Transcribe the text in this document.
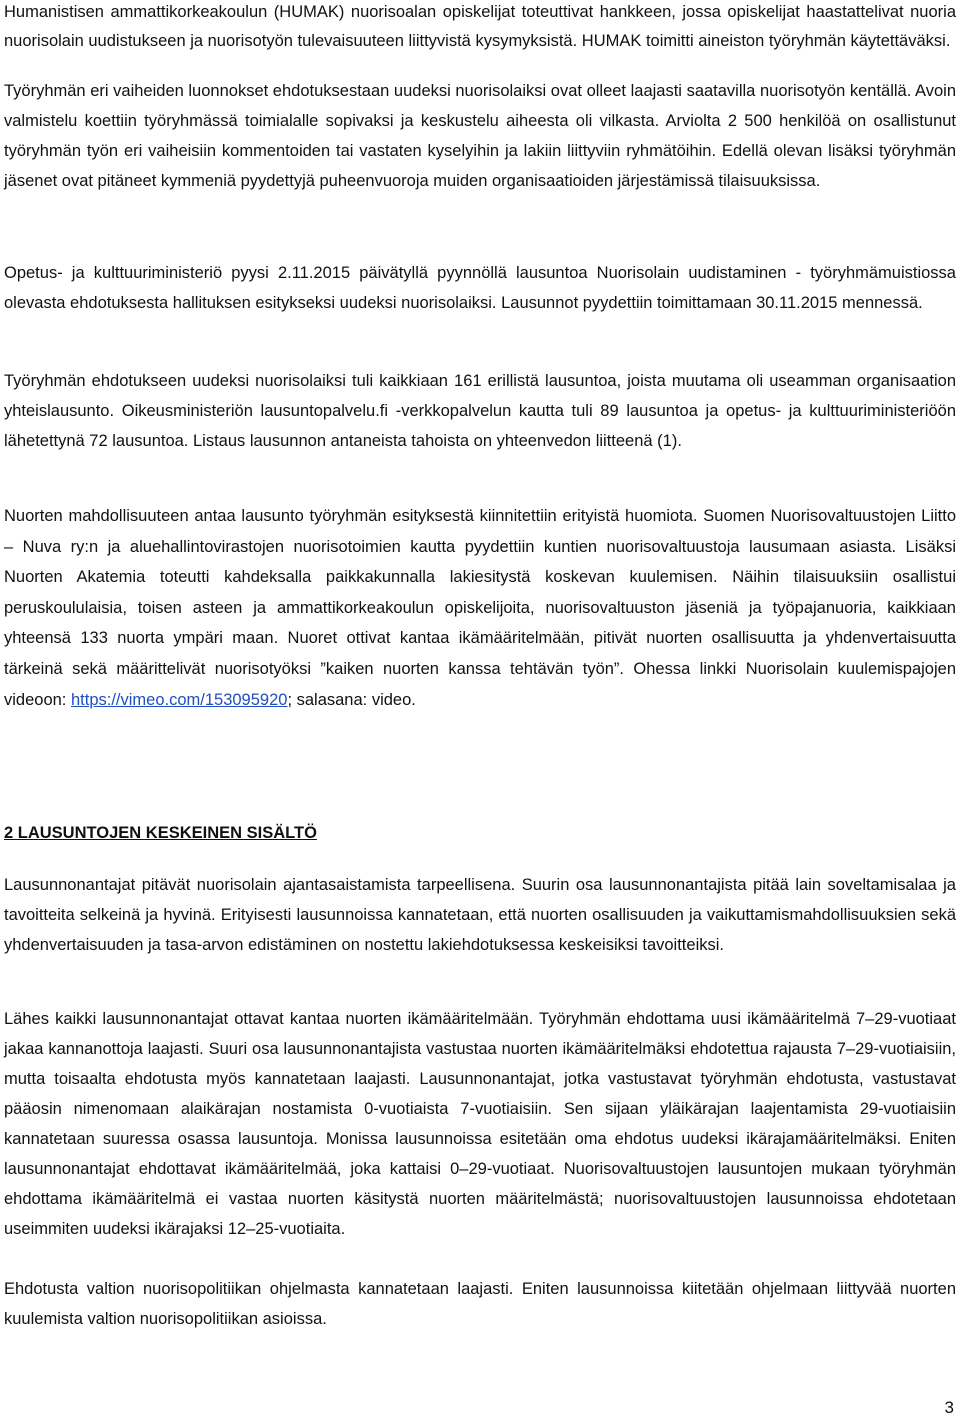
Humanistisen ammattikorkeakoulun (HUMAK) nuorisoalan opiskelijat toteuttivat hankkeen, jossa opiskelijat haastattelivat nuoria nuorisolain uudistukseen ja nuorisotyön tulevaisuuteen liittyvistä kysymyksistä. HUMAK toimitti aineiston työryhmän käytettäväksi.

Työryhmän eri vaiheiden luonnokset ehdotuksestaan uudeksi nuorisolaiksi ovat olleet laajasti saatavilla nuorisotyön kentällä. Avoin valmistelu koettiin työryhmässä toimialalle sopivaksi ja keskustelu aiheesta oli vilkasta. Arviolta 2 500 henkilöä on osallistunut työryhmän työn eri vaiheisiin kommentoiden tai vastaten kyselyihin ja lakiin liittyviin ryhmätöihin. Edellä olevan lisäksi työryhmän jäsenet ovat pitäneet kymmeniä pyydettyjä puheenvuoroja muiden organisaatioiden järjestämissä tilaisuuksissa.

Opetus- ja kulttuuriministeriö pyysi 2.11.2015 päivätyllä pyynnöllä lausuntoa Nuorisolain uudistaminen - työryhmämuistiossa olevasta ehdotuksesta hallituksen esitykseksi uudeksi nuorisolaiksi. Lausunnot pyydettiin toimittamaan 30.11.2015 mennessä.

Työryhmän ehdotukseen uudeksi nuorisolaiksi tuli kaikkiaan 161 erillistä lausuntoa, joista muutama oli useamman organisaation yhteislausunto. Oikeusministeriön lausuntopalvelu.fi -verkkopalvelun kautta tuli 89 lausuntoa ja opetus- ja kulttuuriministeriöön lähetettynä 72 lausuntoa. Listaus lausunnon antaneista tahoista on yhteenvedon liitteenä (1).

Nuorten mahdollisuuteen antaa lausunto työryhmän esityksestä kiinnitettiin erityistä huomiota. Suomen Nuorisovaltuustojen Liitto – Nuva ry:n ja aluehallintovirastojen nuorisotoimien kautta pyydettiin kuntien nuorisovaltuustoja lausumaan asiasta. Lisäksi Nuorten Akatemia toteutti kahdeksalla paikkakunnalla lakiesitystä koskevan kuulemisen. Näihin tilaisuuksiin osallistui peruskoululaisia, toisen asteen ja ammattikorkeakoulun opiskelijoita, nuorisovaltuuston jäseniä ja työpajanuoria, kaikkiaan yhteensä 133 nuorta ympäri maan. Nuoret ottivat kantaa ikämääritelmään, pitivät nuorten osallisuutta ja yhdenvertaisuutta tärkeinä sekä määrittelivät nuorisotyöksi ”kaiken nuorten kanssa tehtävän työn”. Ohessa linkki Nuorisolain kuulemispajojen videoon: https://vimeo.com/153095920; salasana: video.

2 LAUSUNTOJEN KESKEINEN SISÄLTÖ

Lausunnonantajat pitävät nuorisolain ajantasaistamista tarpeellisena. Suurin osa lausunnonantajista pitää lain soveltamisalaa ja tavoitteita selkeinä ja hyvinä. Erityisesti lausunnoissa kannatetaan, että nuorten osallisuuden ja vaikuttamismahdollisuuksien sekä yhdenvertaisuuden ja tasa-arvon edistäminen on nostettu lakiehdotuksessa keskeisiksi tavoitteiksi.

Lähes kaikki lausunnonantajat ottavat kantaa nuorten ikämääritelmään. Työryhmän ehdottama uusi ikämääritelmä 7–29-vuotiaat jakaa kannanottoja laajasti. Suuri osa lausunnonantajista vastustaa nuorten ikämääritelmäksi ehdotettua rajausta 7–29-vuotiaisiin, mutta toisaalta ehdotusta myös kannatetaan laajasti. Lausunnonantajat, jotka vastustavat työryhmän ehdotusta, vastustavat pääosin nimenomaan alaikärajan nostamista 0-vuotiaista 7-vuotiaisiin. Sen sijaan yläikärajan laajentamista 29-vuotiaisiin kannatetaan suuressa osassa lausuntoja. Monissa lausunnoissa esitetään oma ehdotus uudeksi ikärajamääritelmäksi. Eniten lausunnonantajat ehdottavat ikämääritelmää, joka kattaisi 0–29-vuotiaat. Nuorisovaltuustojen lausuntojen mukaan työryhmän ehdottama ikämääritelmä ei vastaa nuorten käsitystä nuorten määritelmästä; nuorisovaltuustojen lausunnoissa ehdotetaan useimmiten uudeksi ikärajaksi 12–25-vuotiaita.

Ehdotusta valtion nuorisopolitiikan ohjelmasta kannatetaan laajasti. Eniten lausunnoissa kiitetään ohjelmaan liittyvää nuorten kuulemista valtion nuorisopolitiikan asioissa.

3
